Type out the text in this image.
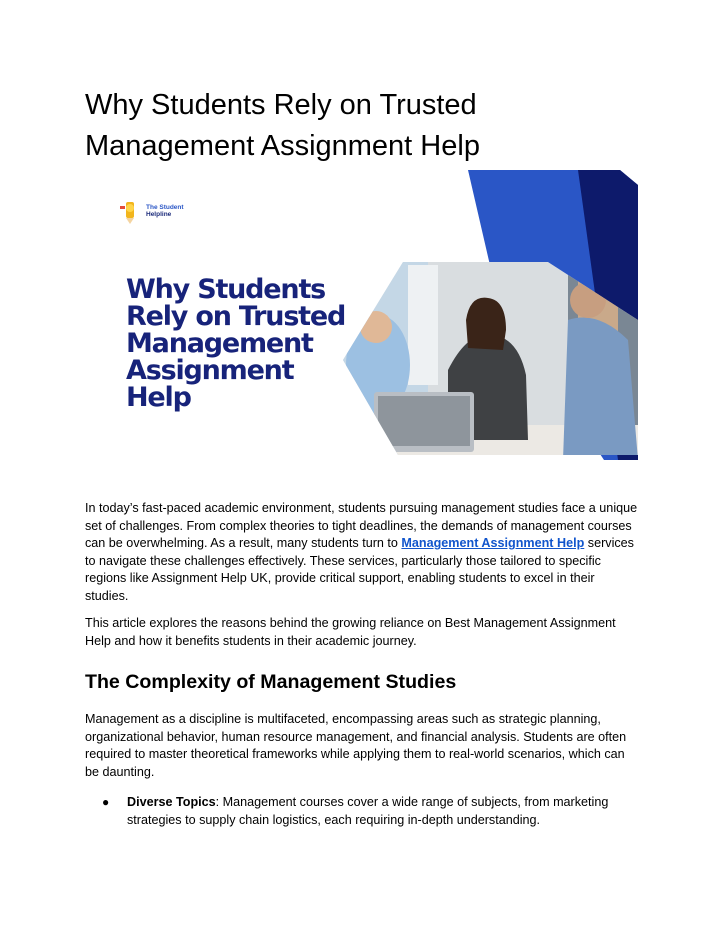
Why Students Rely on Trusted
Management Assignment Help
The Student
Helpline
Why Students
Rely on Trusted
Management
Assignment
Help

In today’s fast-paced academic environment, students pursuing management studies face a unique set of challenges. From complex theories to tight deadlines, the demands of management courses can be overwhelming. As a result, many students turn to Management Assignment Help services to navigate these challenges effectively. These services, particularly those tailored to specific regions like Assignment Help UK, provide critical support, enabling students to excel in their studies.

This article explores the reasons behind the growing reliance on Best Management Assignment Help and how it benefits students in their academic journey.

The Complexity of Management Studies

Management as a discipline is multifaceted, encompassing areas such as strategic planning, organizational behavior, human resource management, and financial analysis. Students are often required to master theoretical frameworks while applying them to real-world scenarios, which can be daunting.

● Diverse Topics: Management courses cover a wide range of subjects, from marketing strategies to supply chain logistics, each requiring in-depth understanding.
